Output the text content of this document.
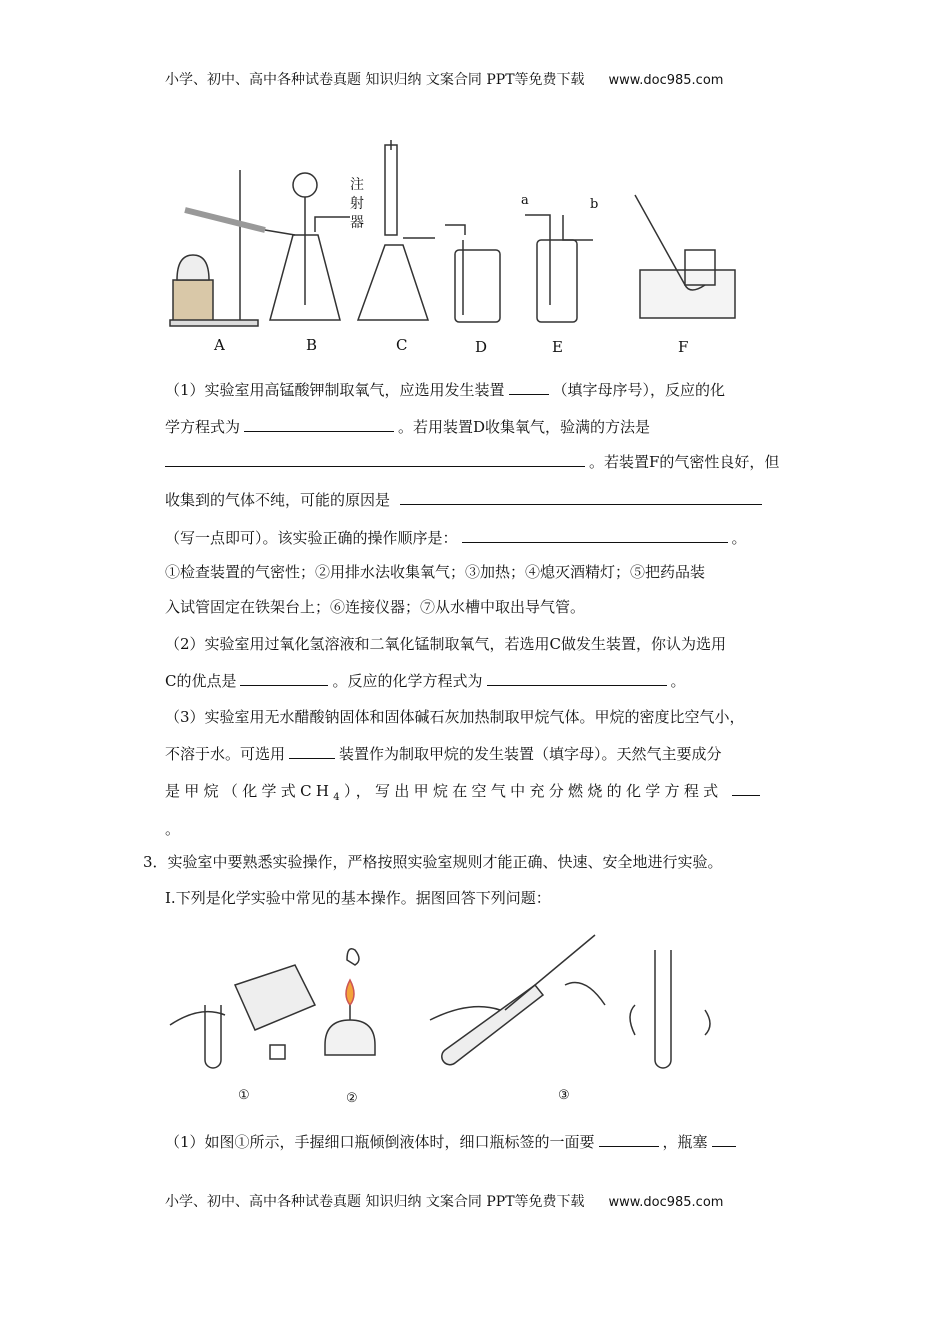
小学、初中、高中各种试卷真题 知识归纳 文案合同 PPT等免费下载 www.doc985.com
注射器
a	b
A	B	C	D	E	F
（1）实验室用高锰酸钾制取氧气，应选用发生装置	（填字母序号），反应的化
学方程式为	。若用装置D收集氧气，验满的方法是
。若装置F的气密性良好，但
收集到的气体不纯，可能的原因是
（写一点即可）。该实验正确的操作顺序是：	。
①检查装置的气密性；②用排水法收集氧气；③加热；④熄灭酒精灯；⑤把药品装
入试管固定在铁架台上；⑥连接仪器；⑦从水槽中取出导气管。
（2）实验室用过氧化氢溶液和二氧化锰制取氧气，若选用C做发生装置，你认为选用
C的优点是	。反应的化学方程式为	。
（3）实验室用无水醋酸钠固体和固体碱石灰加热制取甲烷气体。甲烷的密度比空气小，
不溶于水。可选用	装置作为制取甲烷的发生装置（填字母）。天然气主要成分
是甲烷（化学式$CH_4$），写出甲烷在空气中充分燃烧的化学方程式
。
3．实验室中要熟悉实验操作，严格按照实验室规则才能正确、快速、安全地进行实验。
I.下列是化学实验中常见的基本操作。据图回答下列问题：
①	②	③
（1）如图①所示，手握细口瓶倾倒液体时，细口瓶标签的一面要	，瓶塞
小学、初中、高中各种试卷真题 知识归纳 文案合同 PPT等免费下载 www.doc985.com
